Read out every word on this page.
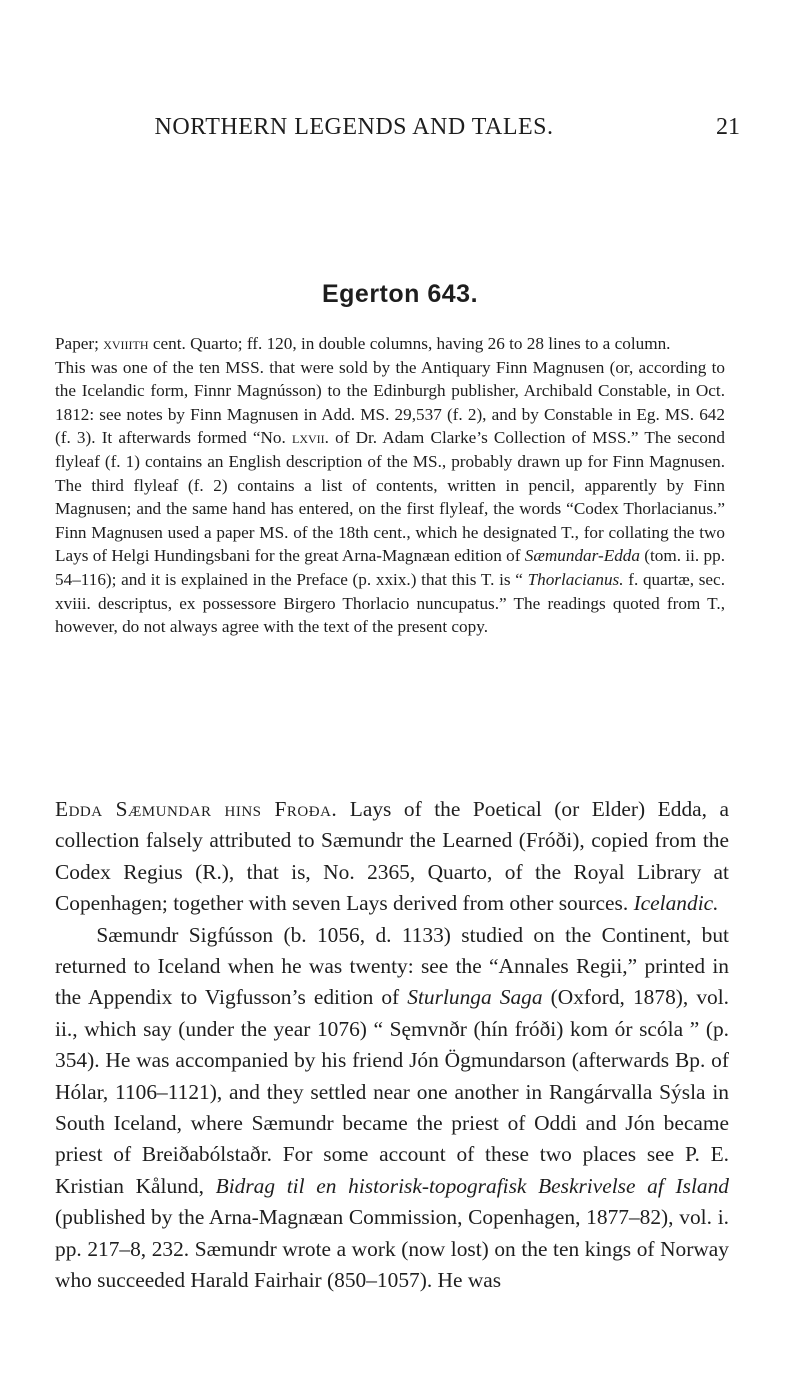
NORTHERN LEGENDS AND TALES.	21
Egerton 643.

Paper; xviiith cent. Quarto; ff. 120, in double columns, having 26 to 28 lines to a column.

This was one of the ten MSS. that were sold by the Antiquary Finn Magnusen (or, according to the Icelandic form, Finnr Magnússon) to the Edinburgh publisher, Archibald Constable, in Oct. 1812: see notes by Finn Magnusen in Add. MS. 29,537 (f. 2), and by Constable in Eg. MS. 642 (f. 3). It afterwards formed “No. lxvii. of Dr. Adam Clarke’s Collection of MSS.” The second flyleaf (f. 1) contains an English description of the MS., probably drawn up for Finn Magnusen. The third flyleaf (f. 2) contains a list of contents, written in pencil, apparently by Finn Magnusen; and the same hand has entered, on the first flyleaf, the words “Codex Thorlacianus.” Finn Magnusen used a paper MS. of the 18th cent., which he designated T., for collating the two Lays of Helgi Hundingsbani for the great Arna-Magnæan edition of Sæmundar-Edda (tom. ii. pp. 54–116); and it is explained in the Preface (p. xxix.) that this T. is “ Thorlacianus. f. quartæ, sec. xviii. descriptus, ex possessore Birgero Thorlacio nuncupatus.” The readings quoted from T., however, do not always agree with the text of the present copy.

Edda Sæmundar hins Froða. Lays of the Poetical (or Elder) Edda, a collection falsely attributed to Sæmundr the Learned (Fróði), copied from the Codex Regius (R.), that is, No. 2365, Quarto, of the Royal Library at Copenhagen; together with seven Lays derived from other sources. Icelandic.

Sæmundr Sigfússon (b. 1056, d. 1133) studied on the Continent, but returned to Iceland when he was twenty: see the “Annales Regii,” printed in the Appendix to Vigfusson’s edition of Sturlunga Saga (Oxford, 1878), vol. ii., which say (under the year 1076) “ Sęmvnðr (hín fróði) kom ór scóla ” (p. 354). He was accompanied by his friend Jón Ögmundarson (afterwards Bp. of Hólar, 1106–1121), and they settled near one another in Rangárvalla Sýsla in South Iceland, where Sæmundr became the priest of Oddi and Jón became priest of Breiðabólstaðr. For some account of these two places see P. E. Kristian Kålund, Bidrag til en historisk-topografisk Beskrivelse af Island (published by the Arna-Magnæan Commission, Copenhagen, 1877–82), vol. i. pp. 217–8, 232. Sæmundr wrote a work (now lost) on the ten kings of Norway who succeeded Harald Fairhair (850–1057). He was
